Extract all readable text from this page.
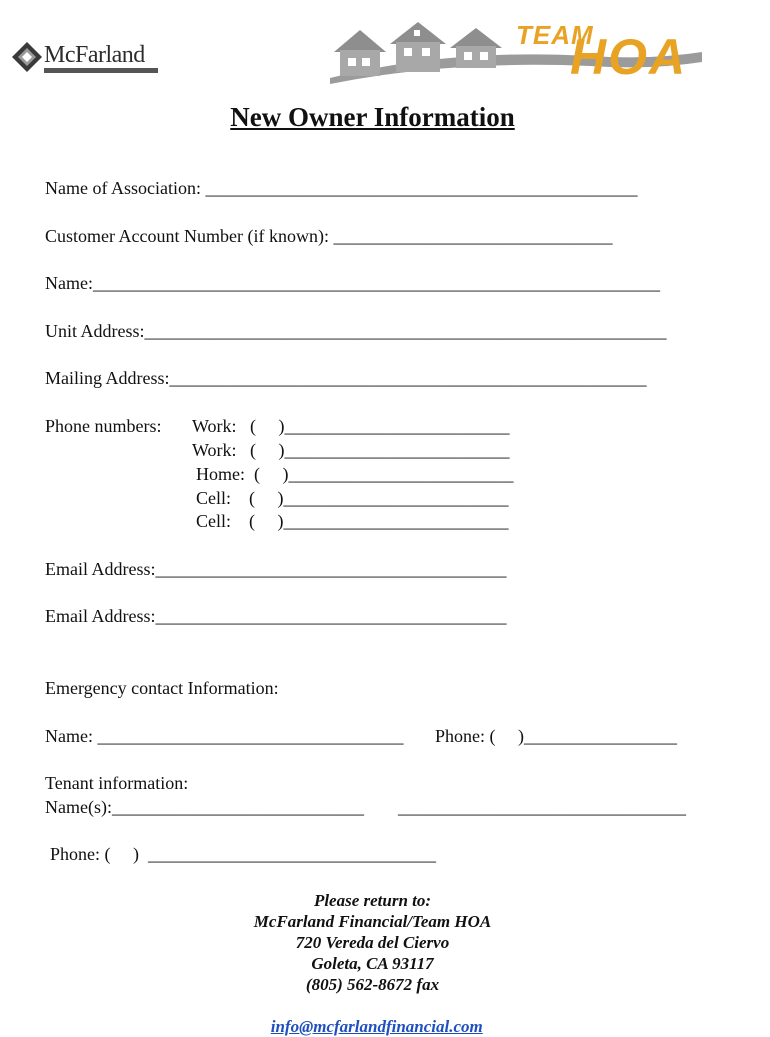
McFarland

TEAM

HOA

New Owner Information
Name of Association: ________________________________________________
Customer Account Number (if known): _______________________________
Name:_______________________________________________________________
Unit Address:__________________________________________________________
Mailing Address:_____________________________________________________
Phone numbers: Work:   (     )_________________________
Work:   (     )_________________________
Home:  (     )_________________________
Cell:    (     )_________________________
Cell:    (     )_________________________
Email Address:_______________________________________
Email Address:_______________________________________
Emergency contact Information:
Name: __________________________________ Phone: (     )_________________
Tenant information:
Name(s):____________________________ ________________________________
Phone: (     )  ________________________________
Please return to:
McFarland Financial/Team HOA
720 Vereda del Ciervo
Goleta, CA 93117
(805) 562-8672 fax

info@mcfarlandfinancial.com
